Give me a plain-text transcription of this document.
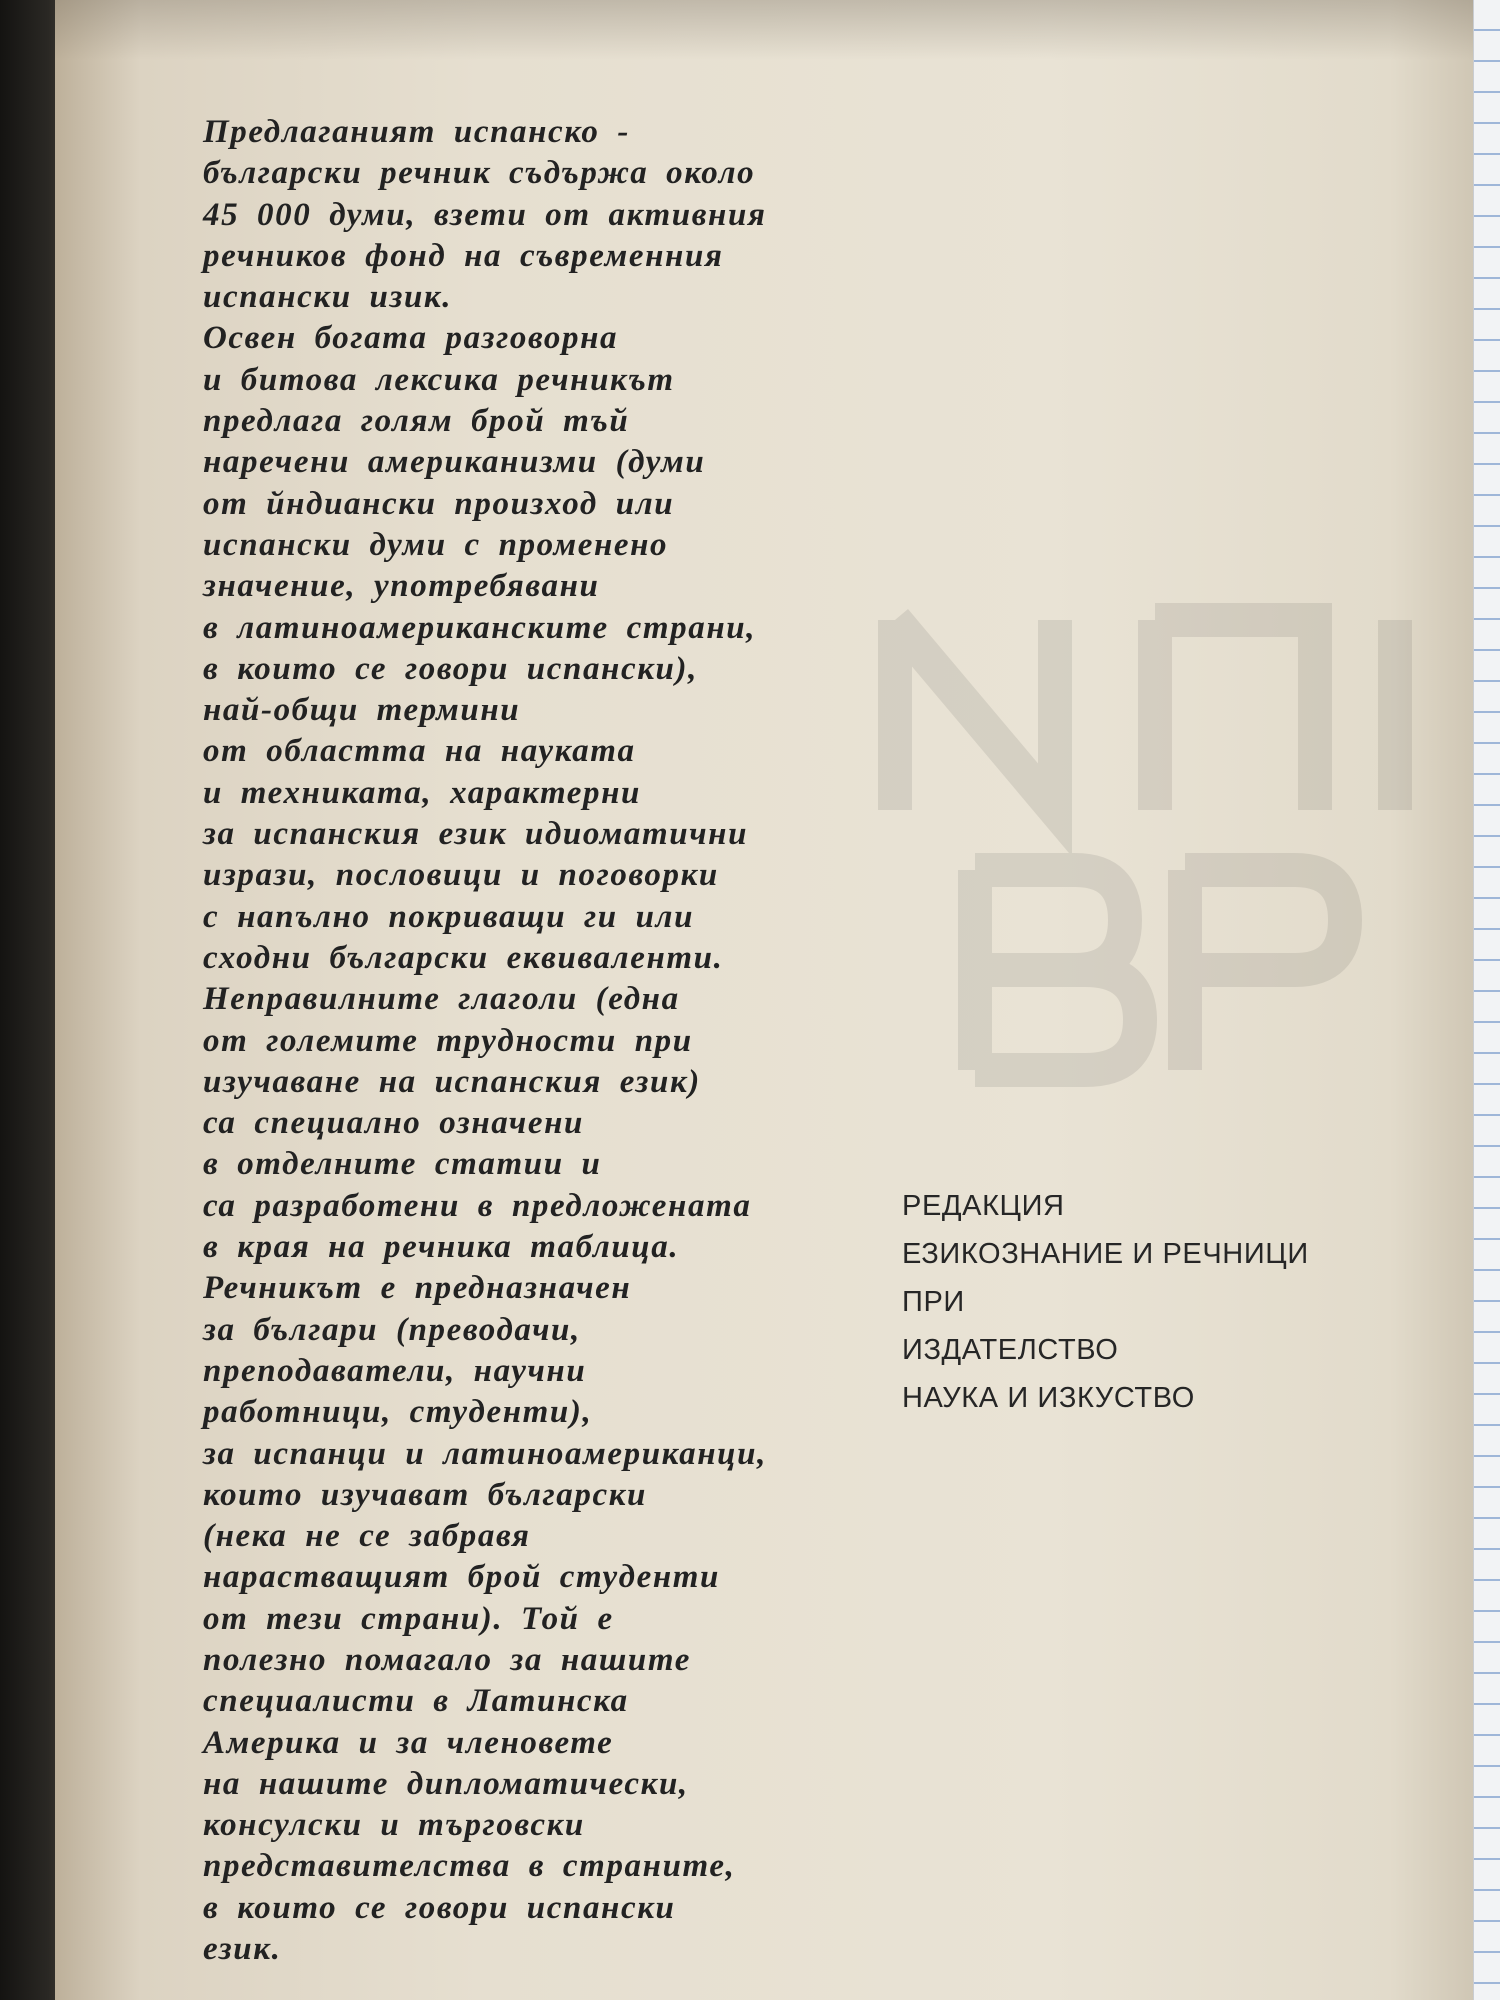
Предлаганият испанско -
български речник съдържа около
45 000 думи, взети от активния
речников фонд на съвременния
испански изик.
Освен богата разговорна
и битова лексика речникът
предлага голям брой тъй
наречени американизми (думи
от йндиански произход или
испански думи с променено
значение, употребявани
в латиноамериканските страни,
в които се говори испански),
най-общи термини
от областта на науката
и техниката, характерни
за испанския език идиоматични
изрази, пословици и поговорки
с напълно покриващи ги или
сходни български еквиваленти.
Неправилните глаголи (една
от големите трудности при
изучаване на испанския език)
са специално означени
в отделните статии и
са разработени в предложената
в края на речника таблица.
Речникът е предназначен
за българи (преводачи,
преподаватели, научни
работници, студенти),
за испанци и латиноамериканци,
които изучават български
(нека не се забравя
нарастващият брой студенти
от тези страни). Той е
полезно помагало за нашите
специалисти в Латинска
Америка и за членовете
на нашите дипломатически,
консулски и търговски
представителства в страните,
в които се говори испански
език.
РЕДАКЦИЯ
ЕЗИКОЗНАНИЕ И РЕЧНИЦИ
ПРИ
ИЗДАТЕЛСТВО
НАУКА И ИЗКУСТВО
